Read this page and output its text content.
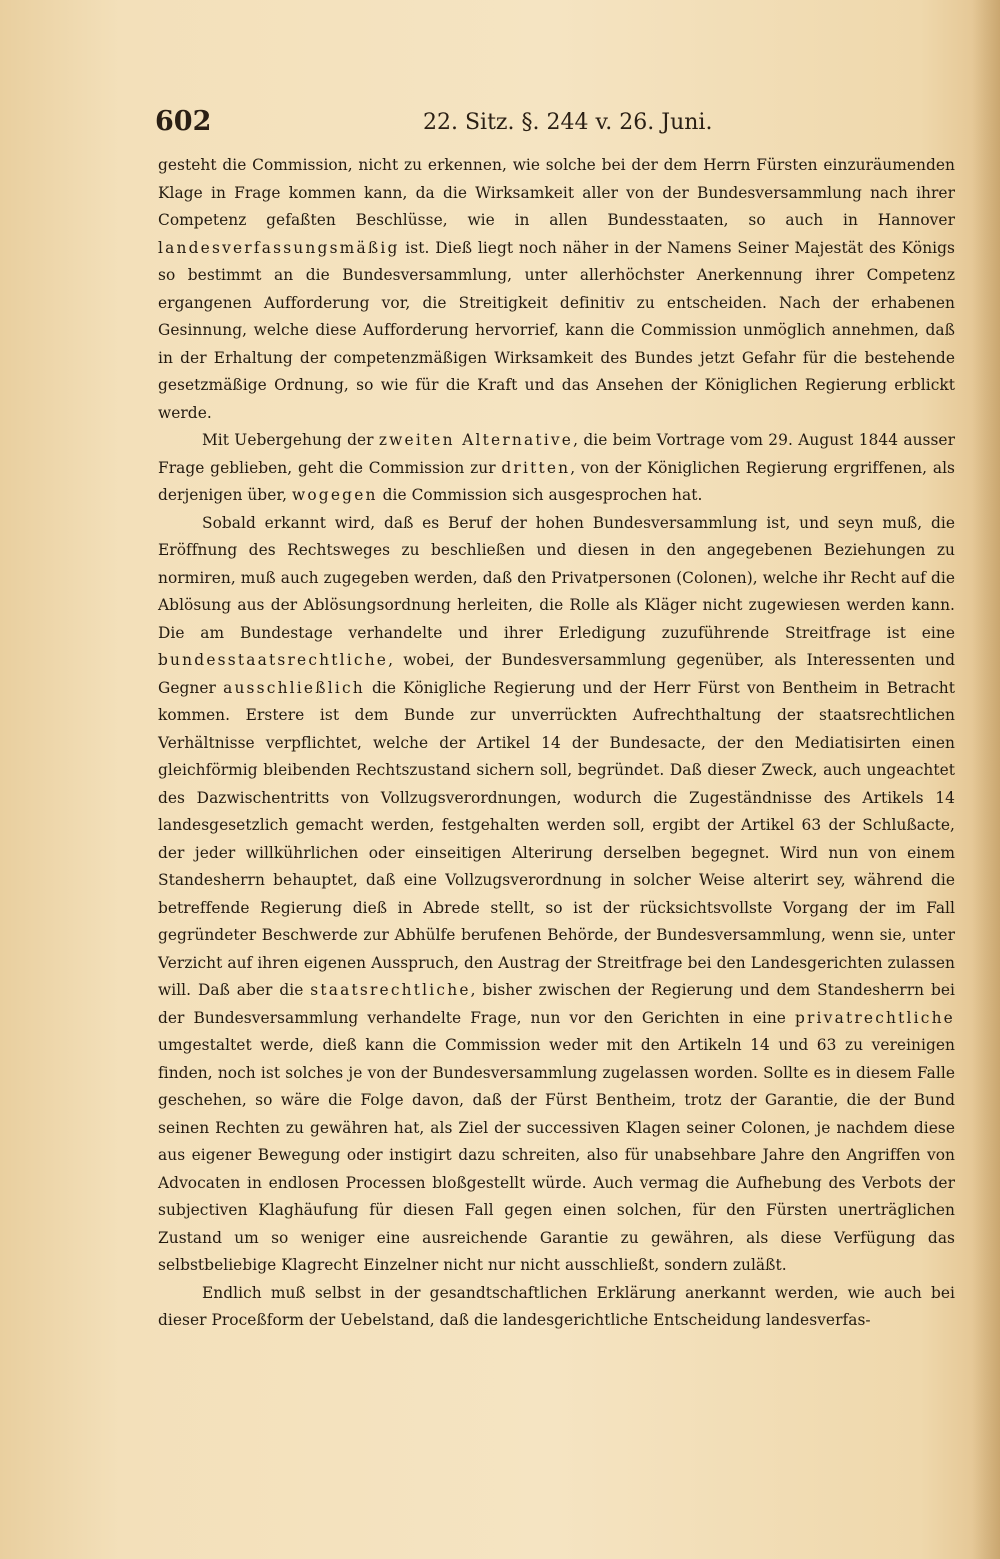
602	22. Sitz. §. 244 v. 26. Juni.

gesteht die Commission, nicht zu erkennen, wie solche bei der dem Herrn Fürsten einzuräumenden Klage in Frage kommen kann, da die Wirksamkeit aller von der Bundesversammlung nach ihrer Competenz gefaßten Beschlüsse, wie in allen Bundesstaaten, so auch in Hannover landesverfassungsmäßig ist. Dieß liegt noch näher in der Namens Seiner Majestät des Königs so bestimmt an die Bundesversammlung, unter allerhöchster Anerkennung ihrer Competenz ergangenen Aufforderung vor, die Streitigkeit definitiv zu entscheiden. Nach der erhabenen Gesinnung, welche diese Aufforderung hervorrief, kann die Commission unmöglich annehmen, daß in der Erhaltung der competenzmäßigen Wirksamkeit des Bundes jetzt Gefahr für die bestehende gesetzmäßige Ordnung, so wie für die Kraft und das Ansehen der Königlichen Regierung erblickt werde.

Mit Uebergehung der zweiten Alternative, die beim Vortrage vom 29. August 1844 ausser Frage geblieben, geht die Commission zur dritten, von der Königlichen Regierung ergriffenen, als derjenigen über, wogegen die Commission sich ausgesprochen hat.

Sobald erkannt wird, daß es Beruf der hohen Bundesversammlung ist, und seyn muß, die Eröffnung des Rechtsweges zu beschließen und diesen in den angegebenen Beziehungen zu normiren, muß auch zugegeben werden, daß den Privatpersonen (Colonen), welche ihr Recht auf die Ablösung aus der Ablösungsordnung herleiten, die Rolle als Kläger nicht zugewiesen werden kann. Die am Bundestage verhandelte und ihrer Erledigung zuzuführende Streitfrage ist eine bundesstaatsrechtliche, wobei, der Bundesversammlung gegenüber, als Interessenten und Gegner ausschließlich die Königliche Regierung und der Herr Fürst von Bentheim in Betracht kommen. Erstere ist dem Bunde zur unverrückten Aufrechthaltung der staatsrechtlichen Verhältnisse verpflichtet, welche der Artikel 14 der Bundesacte, der den Mediatisirten einen gleichförmig bleibenden Rechtszustand sichern soll, begründet. Daß dieser Zweck, auch ungeachtet des Dazwischentritts von Vollzugsverordnungen, wodurch die Zugeständnisse des Artikels 14 landesgesetzlich gemacht werden, festgehalten werden soll, ergibt der Artikel 63 der Schlußacte, der jeder willkührlichen oder einseitigen Alterirung derselben begegnet. Wird nun von einem Standesherrn behauptet, daß eine Vollzugsverordnung in solcher Weise alterirt sey, während die betreffende Regierung dieß in Abrede stellt, so ist der rücksichtsvollste Vorgang der im Fall gegründeter Beschwerde zur Abhülfe berufenen Behörde, der Bundesversammlung, wenn sie, unter Verzicht auf ihren eigenen Ausspruch, den Austrag der Streitfrage bei den Landesgerichten zulassen will. Daß aber die staatsrechtliche, bisher zwischen der Regierung und dem Standesherrn bei der Bundesversammlung verhandelte Frage, nun vor den Gerichten in eine privatrechtliche umgestaltet werde, dieß kann die Commission weder mit den Artikeln 14 und 63 zu vereinigen finden, noch ist solches je von der Bundesversammlung zugelassen worden. Sollte es in diesem Falle geschehen, so wäre die Folge davon, daß der Fürst Bentheim, trotz der Garantie, die der Bund seinen Rechten zu gewähren hat, als Ziel der successiven Klagen seiner Colonen, je nachdem diese aus eigener Bewegung oder instigirt dazu schreiten, also für unabsehbare Jahre den Angriffen von Advocaten in endlosen Processen bloßgestellt würde. Auch vermag die Aufhebung des Verbots der subjectiven Klaghäufung für diesen Fall gegen einen solchen, für den Fürsten unerträglichen Zustand um so weniger eine ausreichende Garantie zu gewähren, als diese Verfügung das selbstbeliebige Klagrecht Einzelner nicht nur nicht ausschließt, sondern zuläßt.

Endlich muß selbst in der gesandtschaftlichen Erklärung anerkannt werden, wie auch bei dieser Proceßform der Uebelstand, daß die landesgerichtliche Entscheidung landesverfas-
